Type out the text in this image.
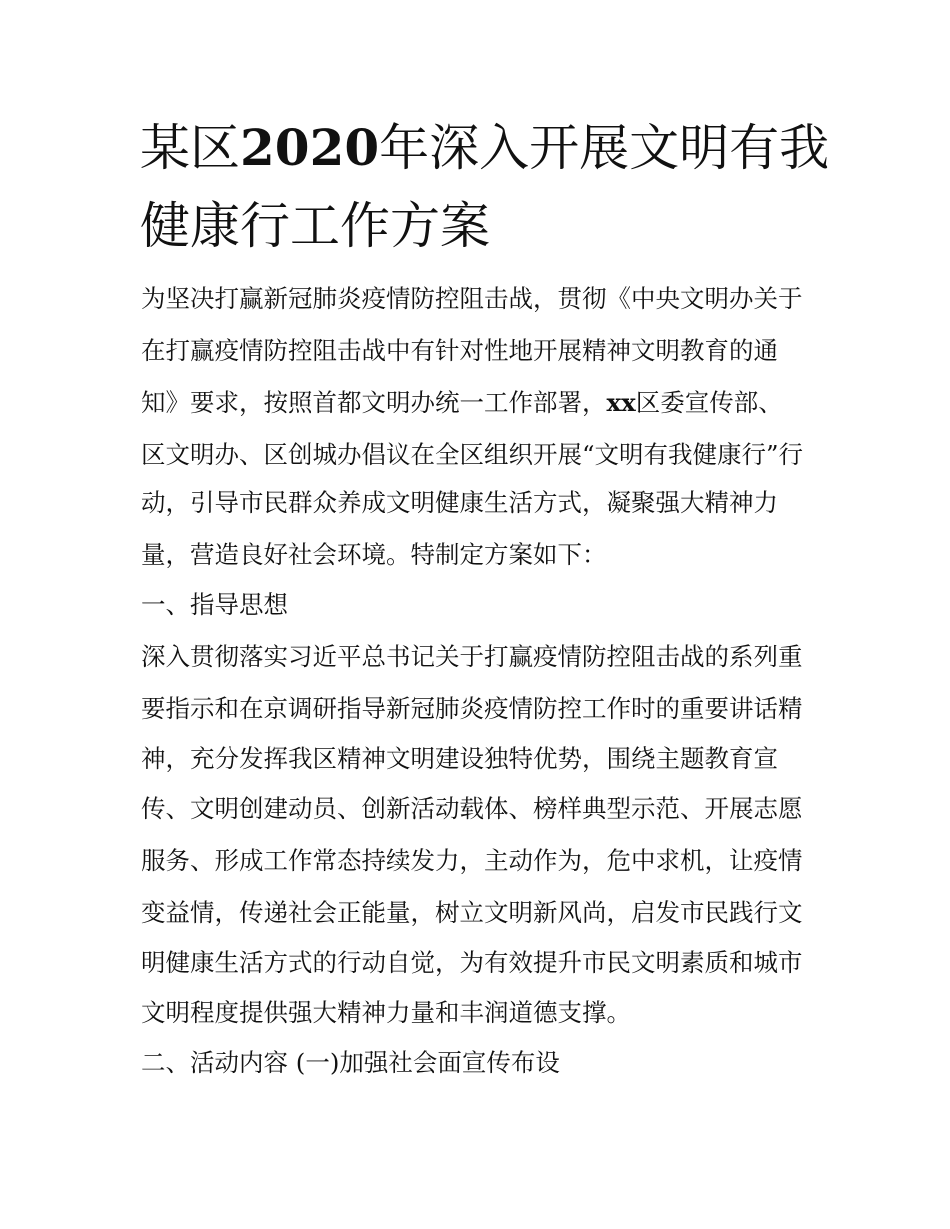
某区2020年深入开展文明有我
健康行工作方案

为坚决打赢新冠肺炎疫情防控阻击战，贯彻《中央文明办关于

在打赢疫情防控阻击战中有针对性地开展精神文明教育的通

知》要求，按照首都文明办统一工作部署，xx区委宣传部、

区文明办、区创城办倡议在全区组织开展“文明有我健康行”行

动，引导市民群众养成文明健康生活方式，凝聚强大精神力

量，营造良好社会环境。特制定方案如下：

一、指导思想

深入贯彻落实习近平总书记关于打赢疫情防控阻击战的系列重

要指示和在京调研指导新冠肺炎疫情防控工作时的重要讲话精

神，充分发挥我区精神文明建设独特优势，围绕主题教育宣

传、文明创建动员、创新活动载体、榜样典型示范、开展志愿

服务、形成工作常态持续发力，主动作为，危中求机，让疫情

变益情，传递社会正能量，树立文明新风尚，启发市民践行文

明健康生活方式的行动自觉，为有效提升市民文明素质和城市

文明程度提供强大精神力量和丰润道德支撑。

二、活动内容 (一)加强社会面宣传布设
